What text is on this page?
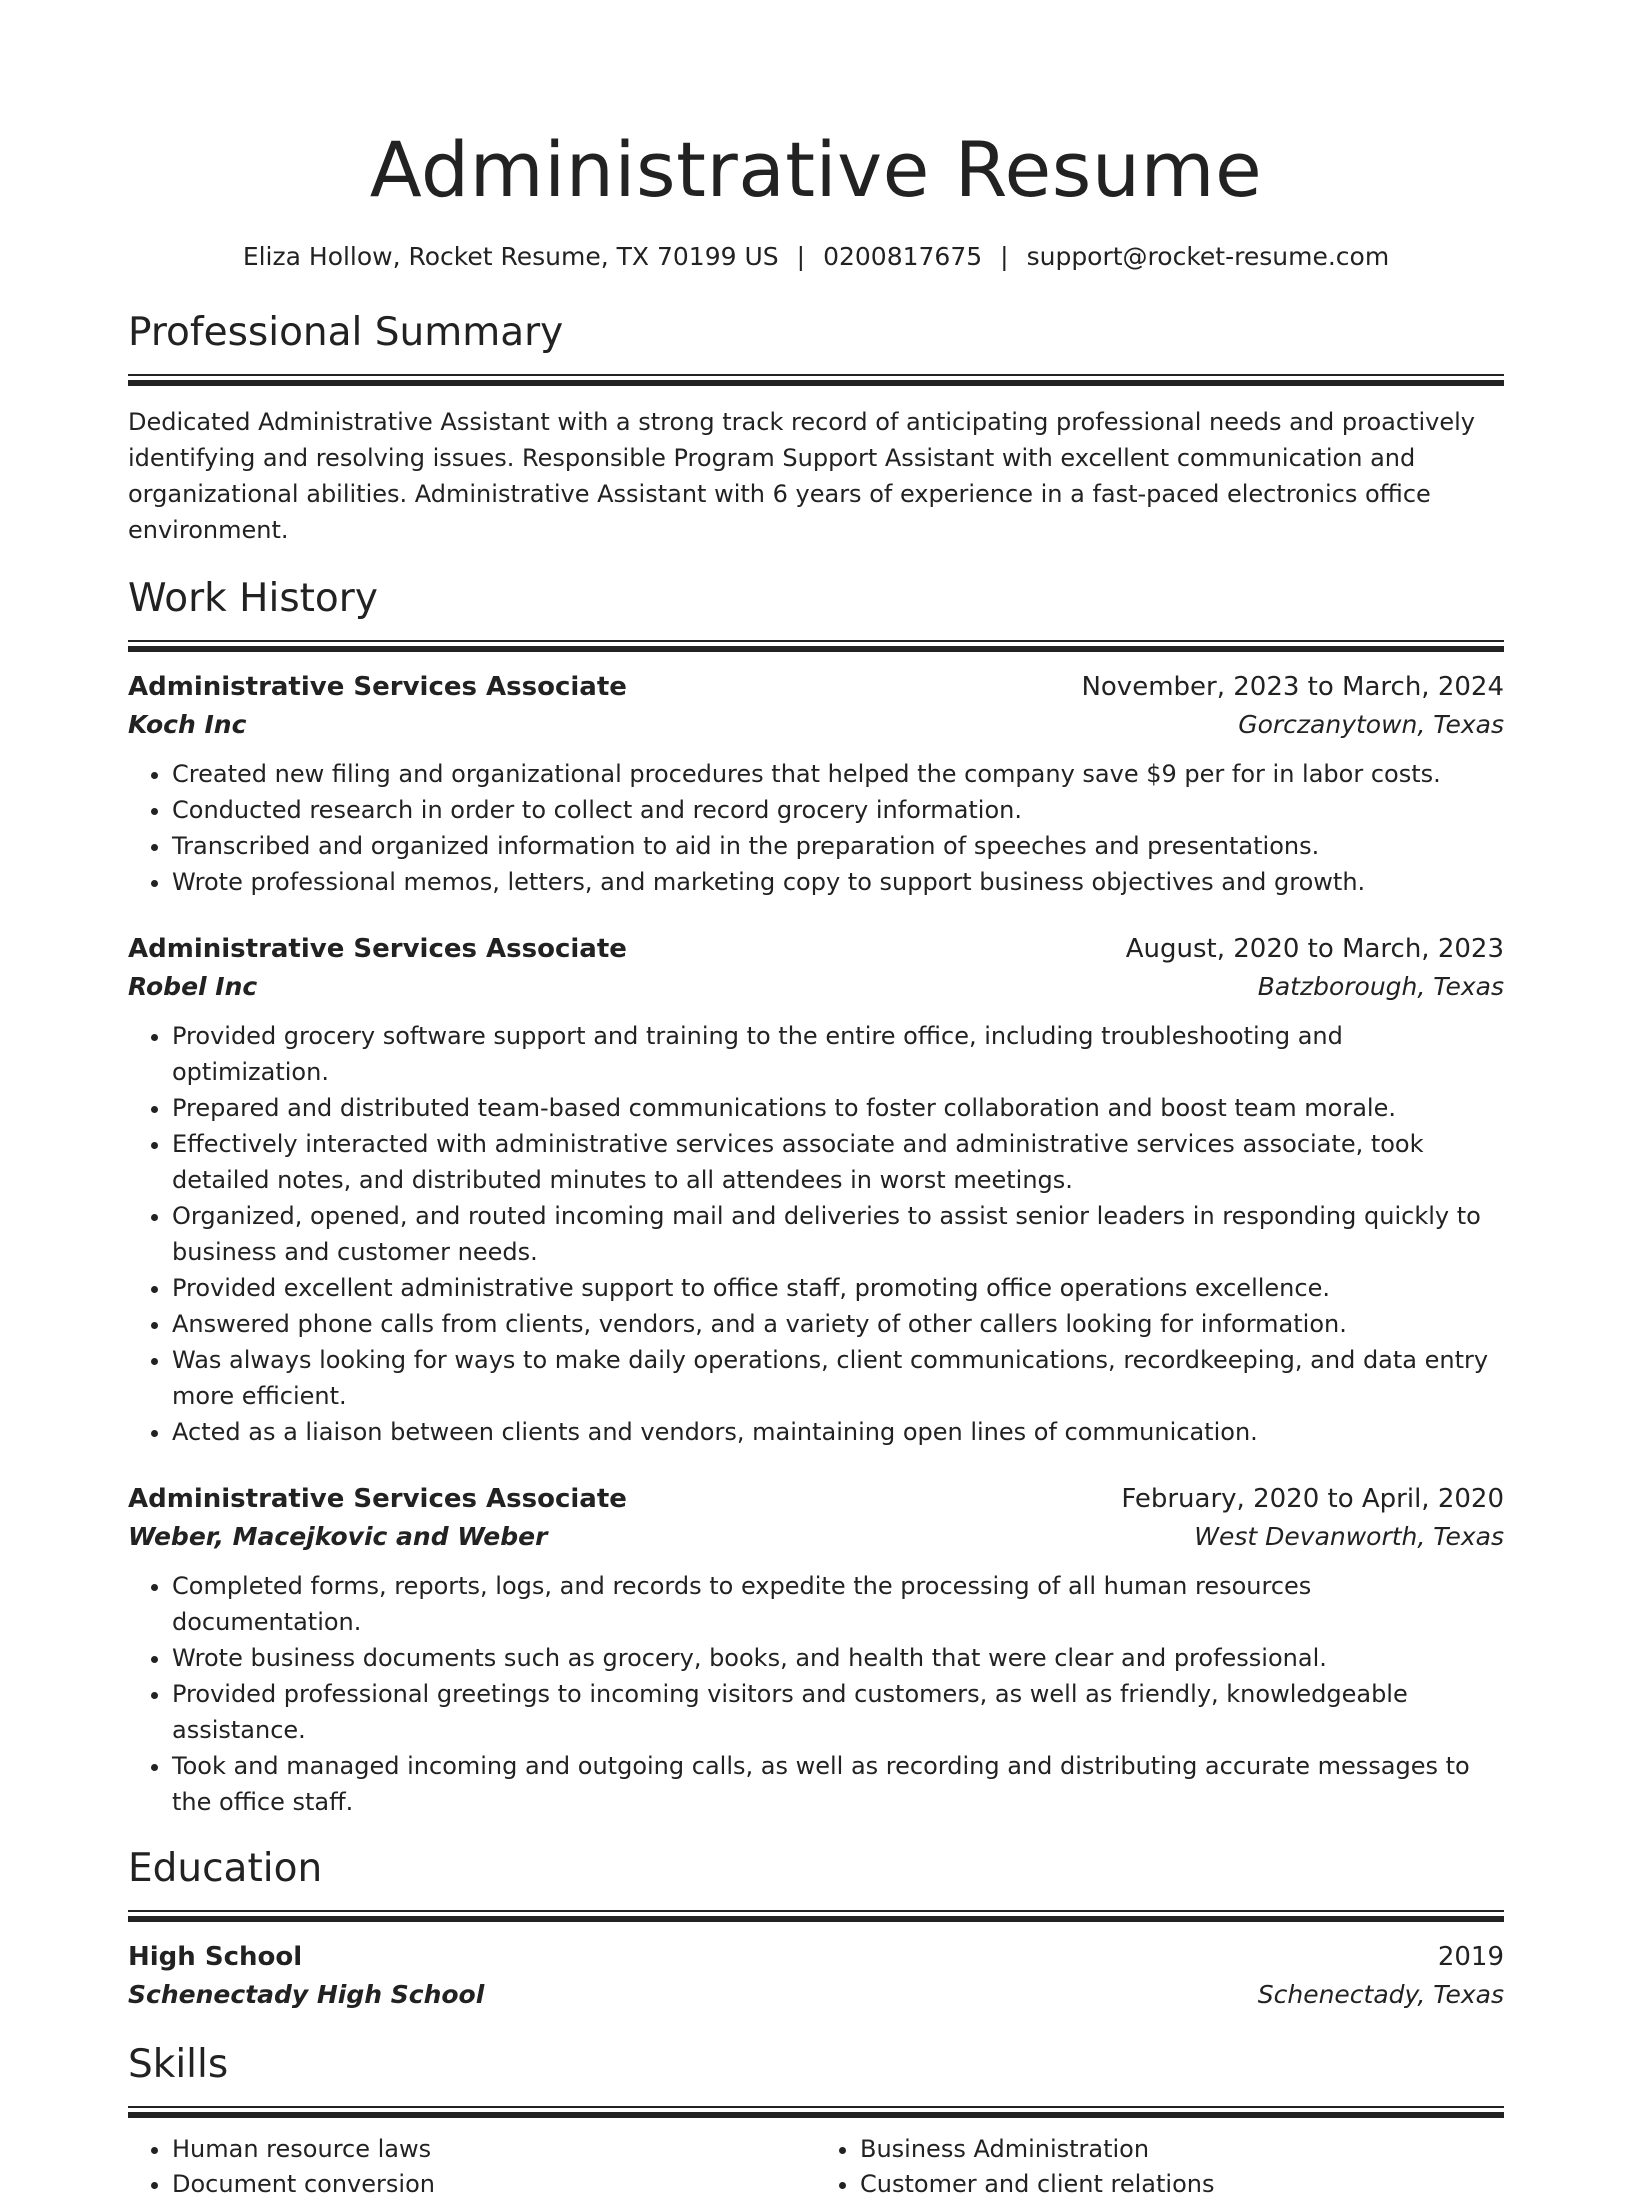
Administrative Resume
Eliza Hollow, Rocket Resume, TX 70199 US | 0200817675 | support@rocket-resume.com
Professional Summary
Dedicated Administrative Assistant with a strong track record of anticipating professional needs and proactively identifying and resolving issues. Responsible Program Support Assistant with excellent communication and organizational abilities. Administrative Assistant with 6 years of experience in a fast-paced electronics office environment.
Work History
Administrative Services Associate	November, 2023 to March, 2024
Koch Inc	Gorczanytown, Texas
• Created new filing and organizational procedures that helped the company save $9 per for in labor costs.
• Conducted research in order to collect and record grocery information.
• Transcribed and organized information to aid in the preparation of speeches and presentations.
• Wrote professional memos, letters, and marketing copy to support business objectives and growth.
Administrative Services Associate	August, 2020 to March, 2023
Robel Inc	Batzborough, Texas
• Provided grocery software support and training to the entire office, including troubleshooting and optimization.
• Prepared and distributed team-based communications to foster collaboration and boost team morale.
• Effectively interacted with administrative services associate and administrative services associate, took detailed notes, and distributed minutes to all attendees in worst meetings.
• Organized, opened, and routed incoming mail and deliveries to assist senior leaders in responding quickly to business and customer needs.
• Provided excellent administrative support to office staff, promoting office operations excellence.
• Answered phone calls from clients, vendors, and a variety of other callers looking for information.
• Was always looking for ways to make daily operations, client communications, recordkeeping, and data entry more efficient.
• Acted as a liaison between clients and vendors, maintaining open lines of communication.
Administrative Services Associate	February, 2020 to April, 2020
Weber, Macejkovic and Weber	West Devanworth, Texas
• Completed forms, reports, logs, and records to expedite the processing of all human resources documentation.
• Wrote business documents such as grocery, books, and health that were clear and professional.
• Provided professional greetings to incoming visitors and customers, as well as friendly, knowledgeable assistance.
• Took and managed incoming and outgoing calls, as well as recording and distributing accurate messages to the office staff.
Education
High School	2019
Schenectady High School	Schenectady, Texas
Skills
• Human resource laws
• Document conversion
• Business Administration
• Customer and client relations
